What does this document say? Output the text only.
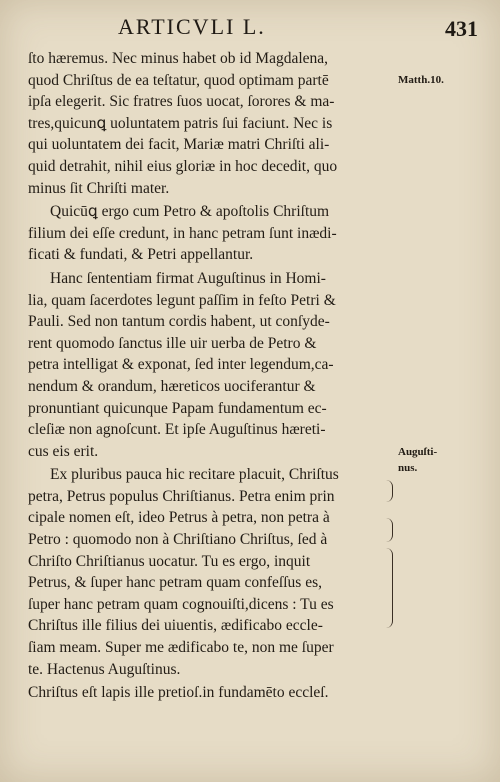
ARTICVLI L.	431
ſto hæremus. Nec minus habet ob id Magdalena,
quod Chriſtus de ea teſtatur, quod optimam partē
ipſa elegerit. Sic fratres ſuos uocat, ſorores & ma-
tres,quicunꝗ uoluntatem patris ſui faciunt. Nec is
qui uoluntatem dei facit, Mariæ matri Chriſti ali-
quid detrahit, nihil eius gloriæ in hoc decedit, quo
minus ſit Chriſti mater.
Quicūꝗ ergo cum Petro & apoſtolis Chriſtum
filium dei eſſe credunt, in hanc petram ſunt inædi-
ficati & fundati, & Petri appellantur.
Hanc ſententiam firmat Auguſtinus in Homi-
lia, quam ſacerdotes legunt paſſim in feſto Petri &
Pauli. Sed non tantum cordis habent, ut conſyde-
rent quomodo ſanctus ille uir uerba de Petro &
petra intelligat & exponat, ſed inter legendum,ca-
nendum & orandum, hæreticos uociferantur &
pronuntiant quicunque Papam fundamentum ec-
cleſiæ non agnoſcunt. Et ipſe Auguſtinus hæreti-
cus eis erit.
Ex pluribus pauca hic recitare placuit, Chriſtus
petra, Petrus populus Chriſtianus. Petra enim prin
cipale nomen eſt, ideo Petrus à petra, non petra à
Petro : quomodo non à Chriſtiano Chriſtus, ſed à
Chriſto Chriſtianus uocatur. Tu es ergo, inquit
Petrus, & ſuper hanc petram quam confeſſus es,
ſuper hanc petram quam cognouiſti,dicens : Tu es
Chriſtus ille filius dei uiuentis, ædificabo eccle-
ſiam meam. Super me ædificabo te, non me ſuper
te. Hactenus Auguſtinus.
Chriſtus eſt lapis ille pretioſ.in fundamēto eccleſ.
Matth.10.
Auguſti-
nus.
